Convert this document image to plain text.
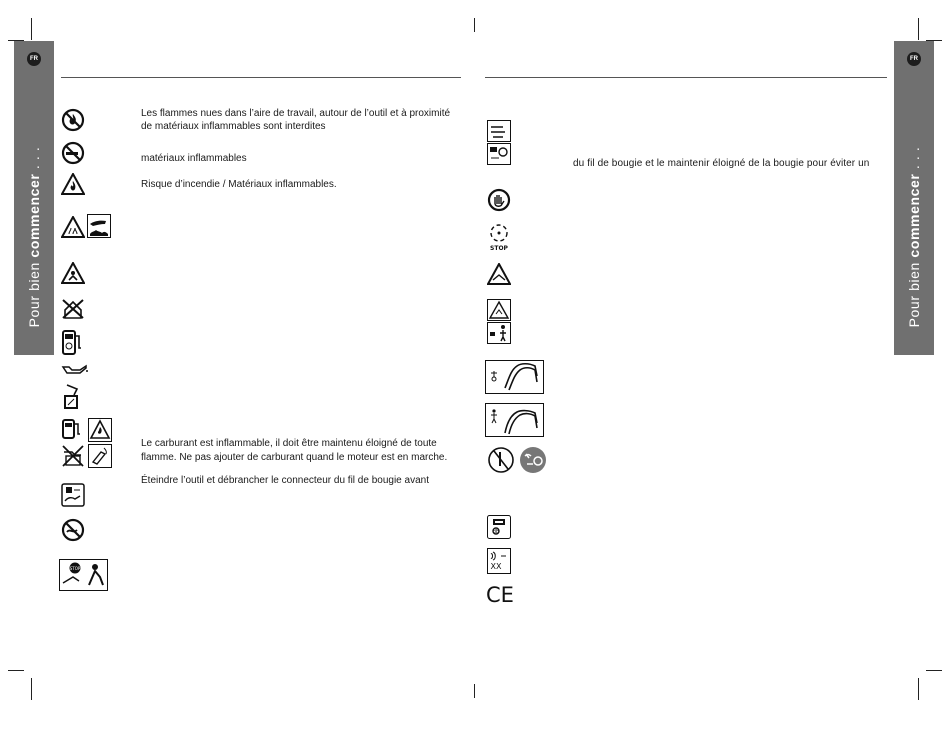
FR
Pour bien commencer . . .
FR
Pour bien commencer . . .
STOP
Les flammes nues dans l’aire de travail, autour de l’outil et à proximité
de matériaux inflammables sont interdites
matériaux inflammables
Risque d’incendie / Matériaux inflammables.
Le carburant est inflammable, il doit être maintenu éloigné de toute
flamme. Ne pas ajouter de carburant quand le moteur est en marche.
Éteindre l’outil et débrancher le connecteur du fil de bougie avant
STOP
dB
XX
CE
du fil de bougie et le maintenir éloigné de la bougie pour éviter un
